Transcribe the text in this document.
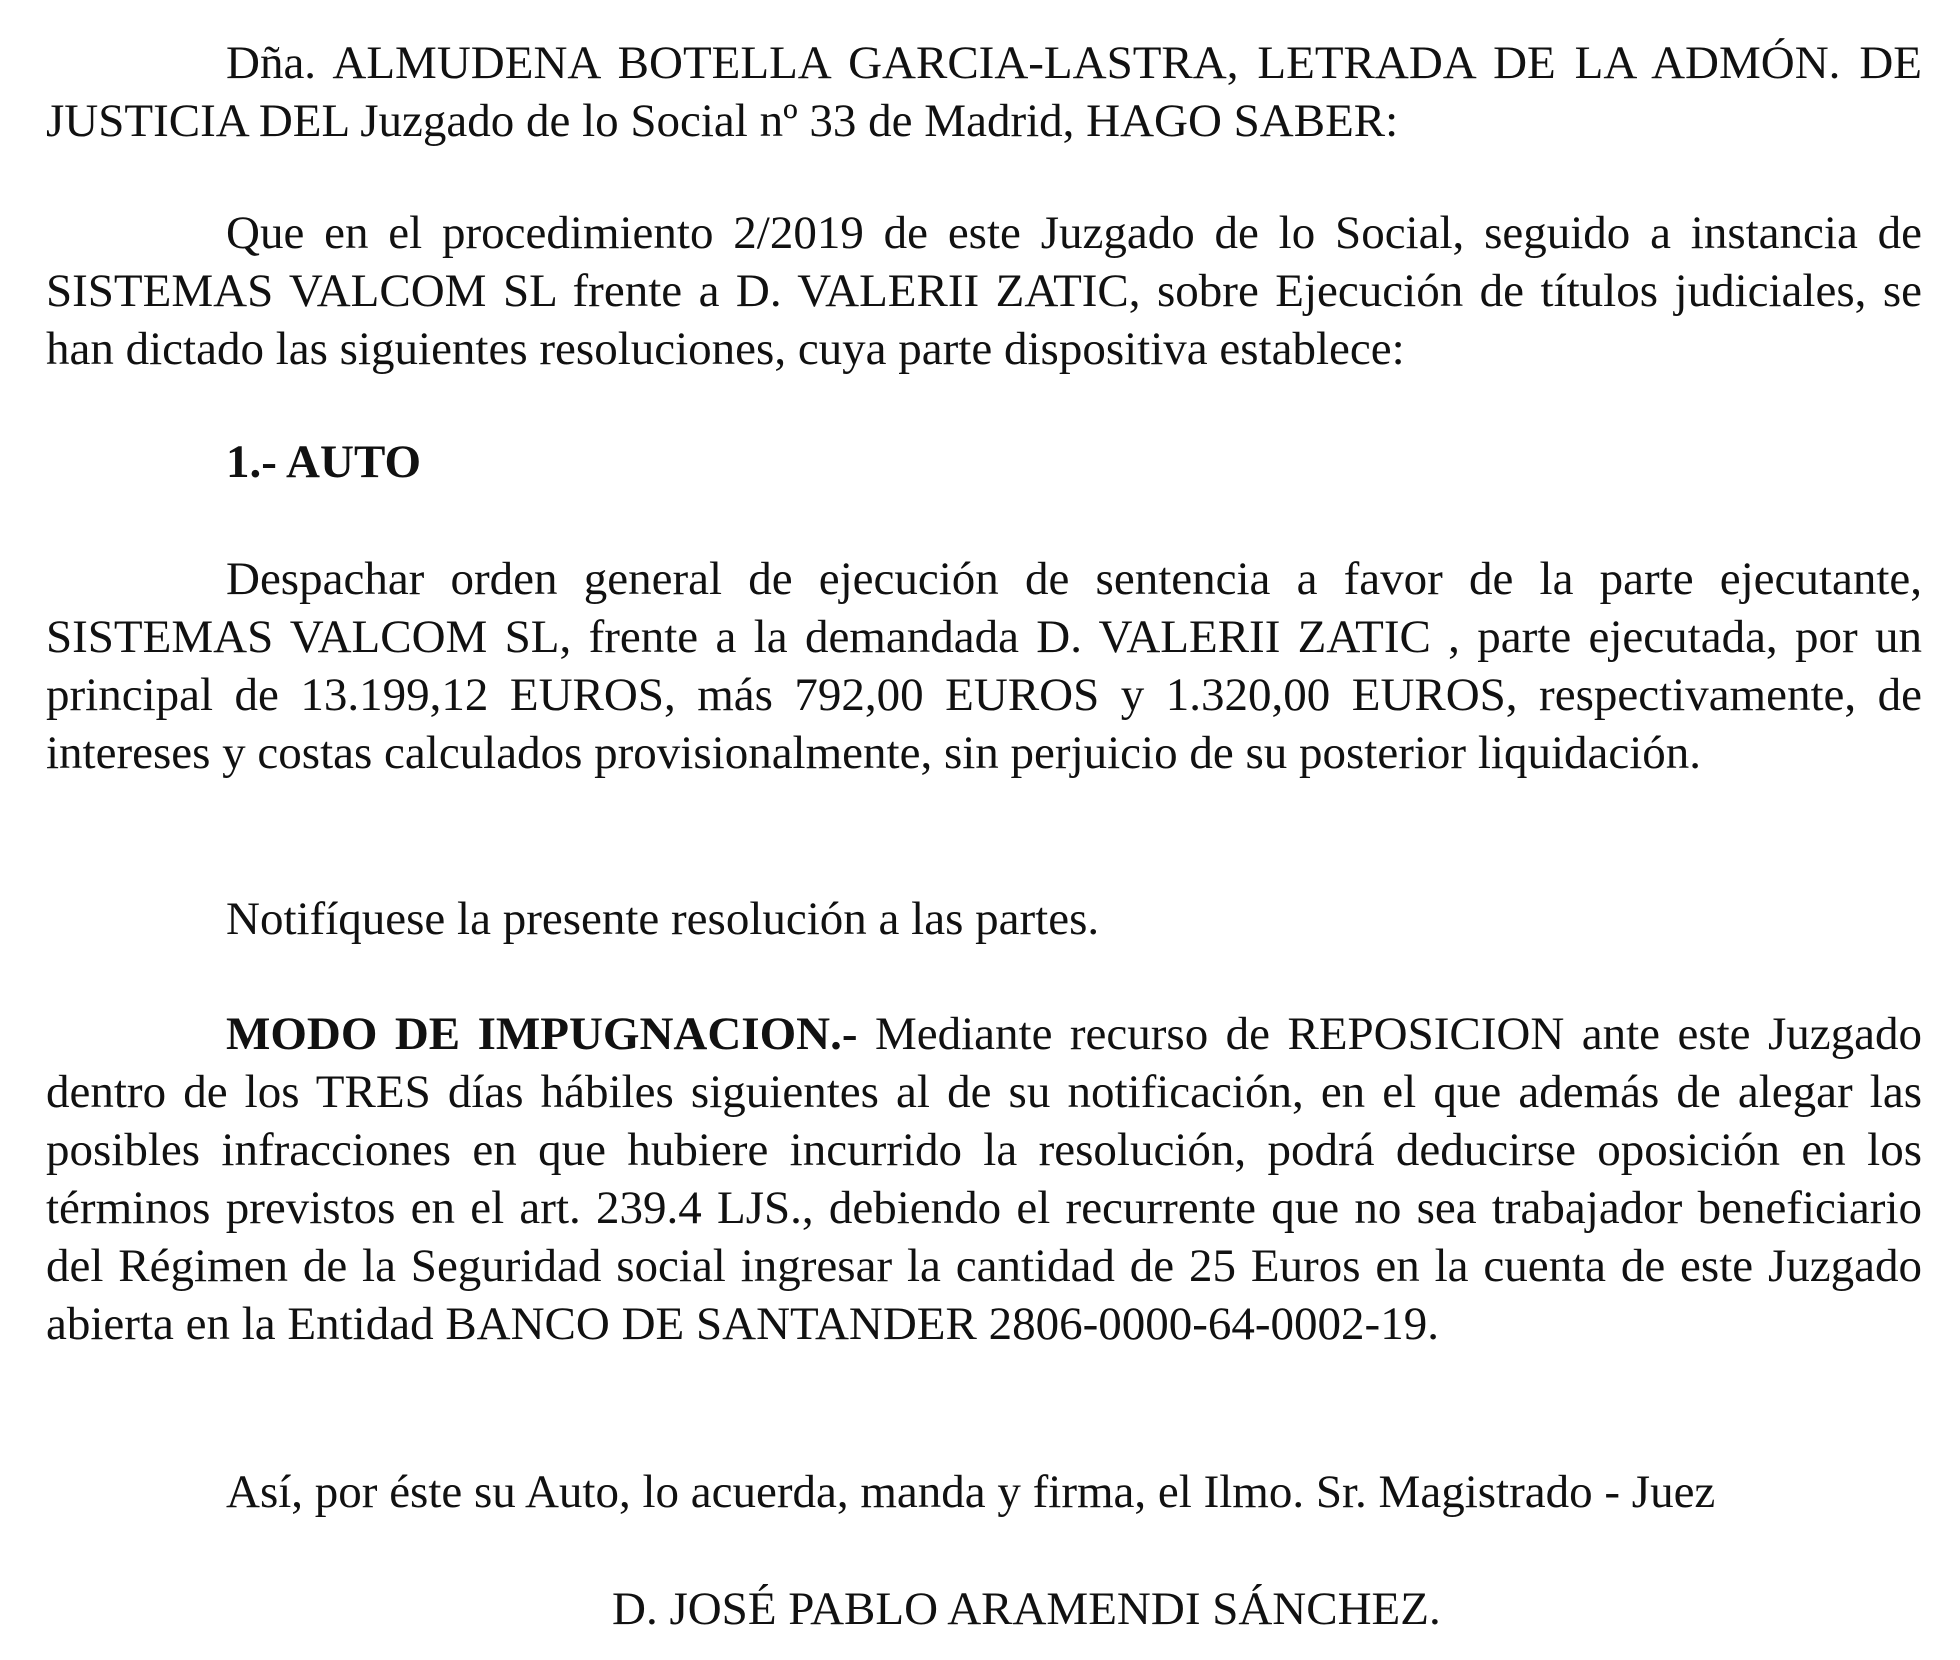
Dña. ALMUDENA BOTELLA GARCIA-LASTRA, LETRADA DE LA ADMÓN. DE JUSTICIA DEL Juzgado de lo Social nº 33 de Madrid, HAGO SABER:

Que en el procedimiento 2/2019 de este Juzgado de lo Social, seguido a instancia de SISTEMAS VALCOM SL frente a D. VALERII ZATIC, sobre Ejecución de títulos judiciales, se han dictado las siguientes resoluciones, cuya parte dispositiva establece:

1.- AUTO

Despachar orden general de ejecución de sentencia a favor de la parte ejecutante, SISTEMAS VALCOM SL, frente a la demandada D. VALERII ZATIC , parte ejecutada, por un principal de 13.199,12 EUROS, más 792,00 EUROS y 1.320,00 EUROS, respectivamente, de intereses y costas calculados provisionalmente, sin perjuicio de su posterior liquidación.

Notifíquese la presente resolución a las partes.

MODO DE IMPUGNACION.- Mediante recurso de REPOSICION ante este Juzgado dentro de los TRES días hábiles siguientes al de su notificación, en el que además de alegar las posibles infracciones en que hubiere incurrido la resolución, podrá deducirse oposición en los términos previstos en el art. 239.4 LJS., debiendo el recurrente que no sea trabajador beneficiario del Régimen de la Seguridad social ingresar la cantidad de 25 Euros en la cuenta de este Juzgado abierta en la Entidad BANCO DE SANTANDER 2806-0000-64-0002-19.

Así, por éste su Auto, lo acuerda, manda y firma, el Ilmo. Sr. Magistrado - Juez
D. JOSÉ PABLO ARAMENDI SÁNCHEZ.
